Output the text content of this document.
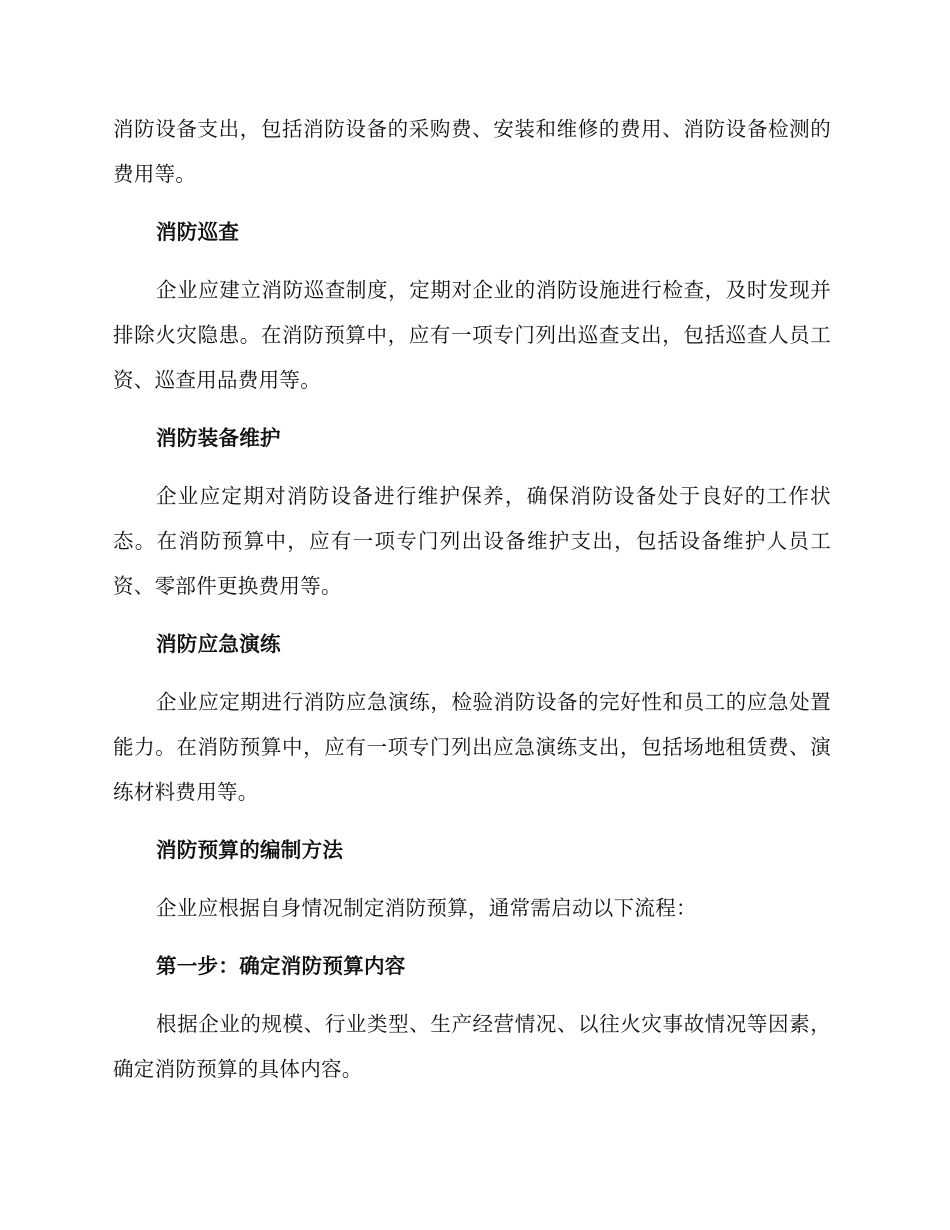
消防设备支出，包括消防设备的采购费、安装和维修的费用、消防设备检测的费用等。

消防巡查

企业应建立消防巡查制度，定期对企业的消防设施进行检查，及时发现并排除火灾隐患。在消防预算中，应有一项专门列出巡查支出，包括巡查人员工资、巡查用品费用等。

消防装备维护

企业应定期对消防设备进行维护保养，确保消防设备处于良好的工作状态。在消防预算中，应有一项专门列出设备维护支出，包括设备维护人员工资、零部件更换费用等。

消防应急演练

企业应定期进行消防应急演练，检验消防设备的完好性和员工的应急处置能力。在消防预算中，应有一项专门列出应急演练支出，包括场地租赁费、演练材料费用等。

消防预算的编制方法

企业应根据自身情况制定消防预算，通常需启动以下流程：

第一步：确定消防预算内容

根据企业的规模、行业类型、生产经营情况、以往火灾事故情况等因素，确定消防预算的具体内容。
